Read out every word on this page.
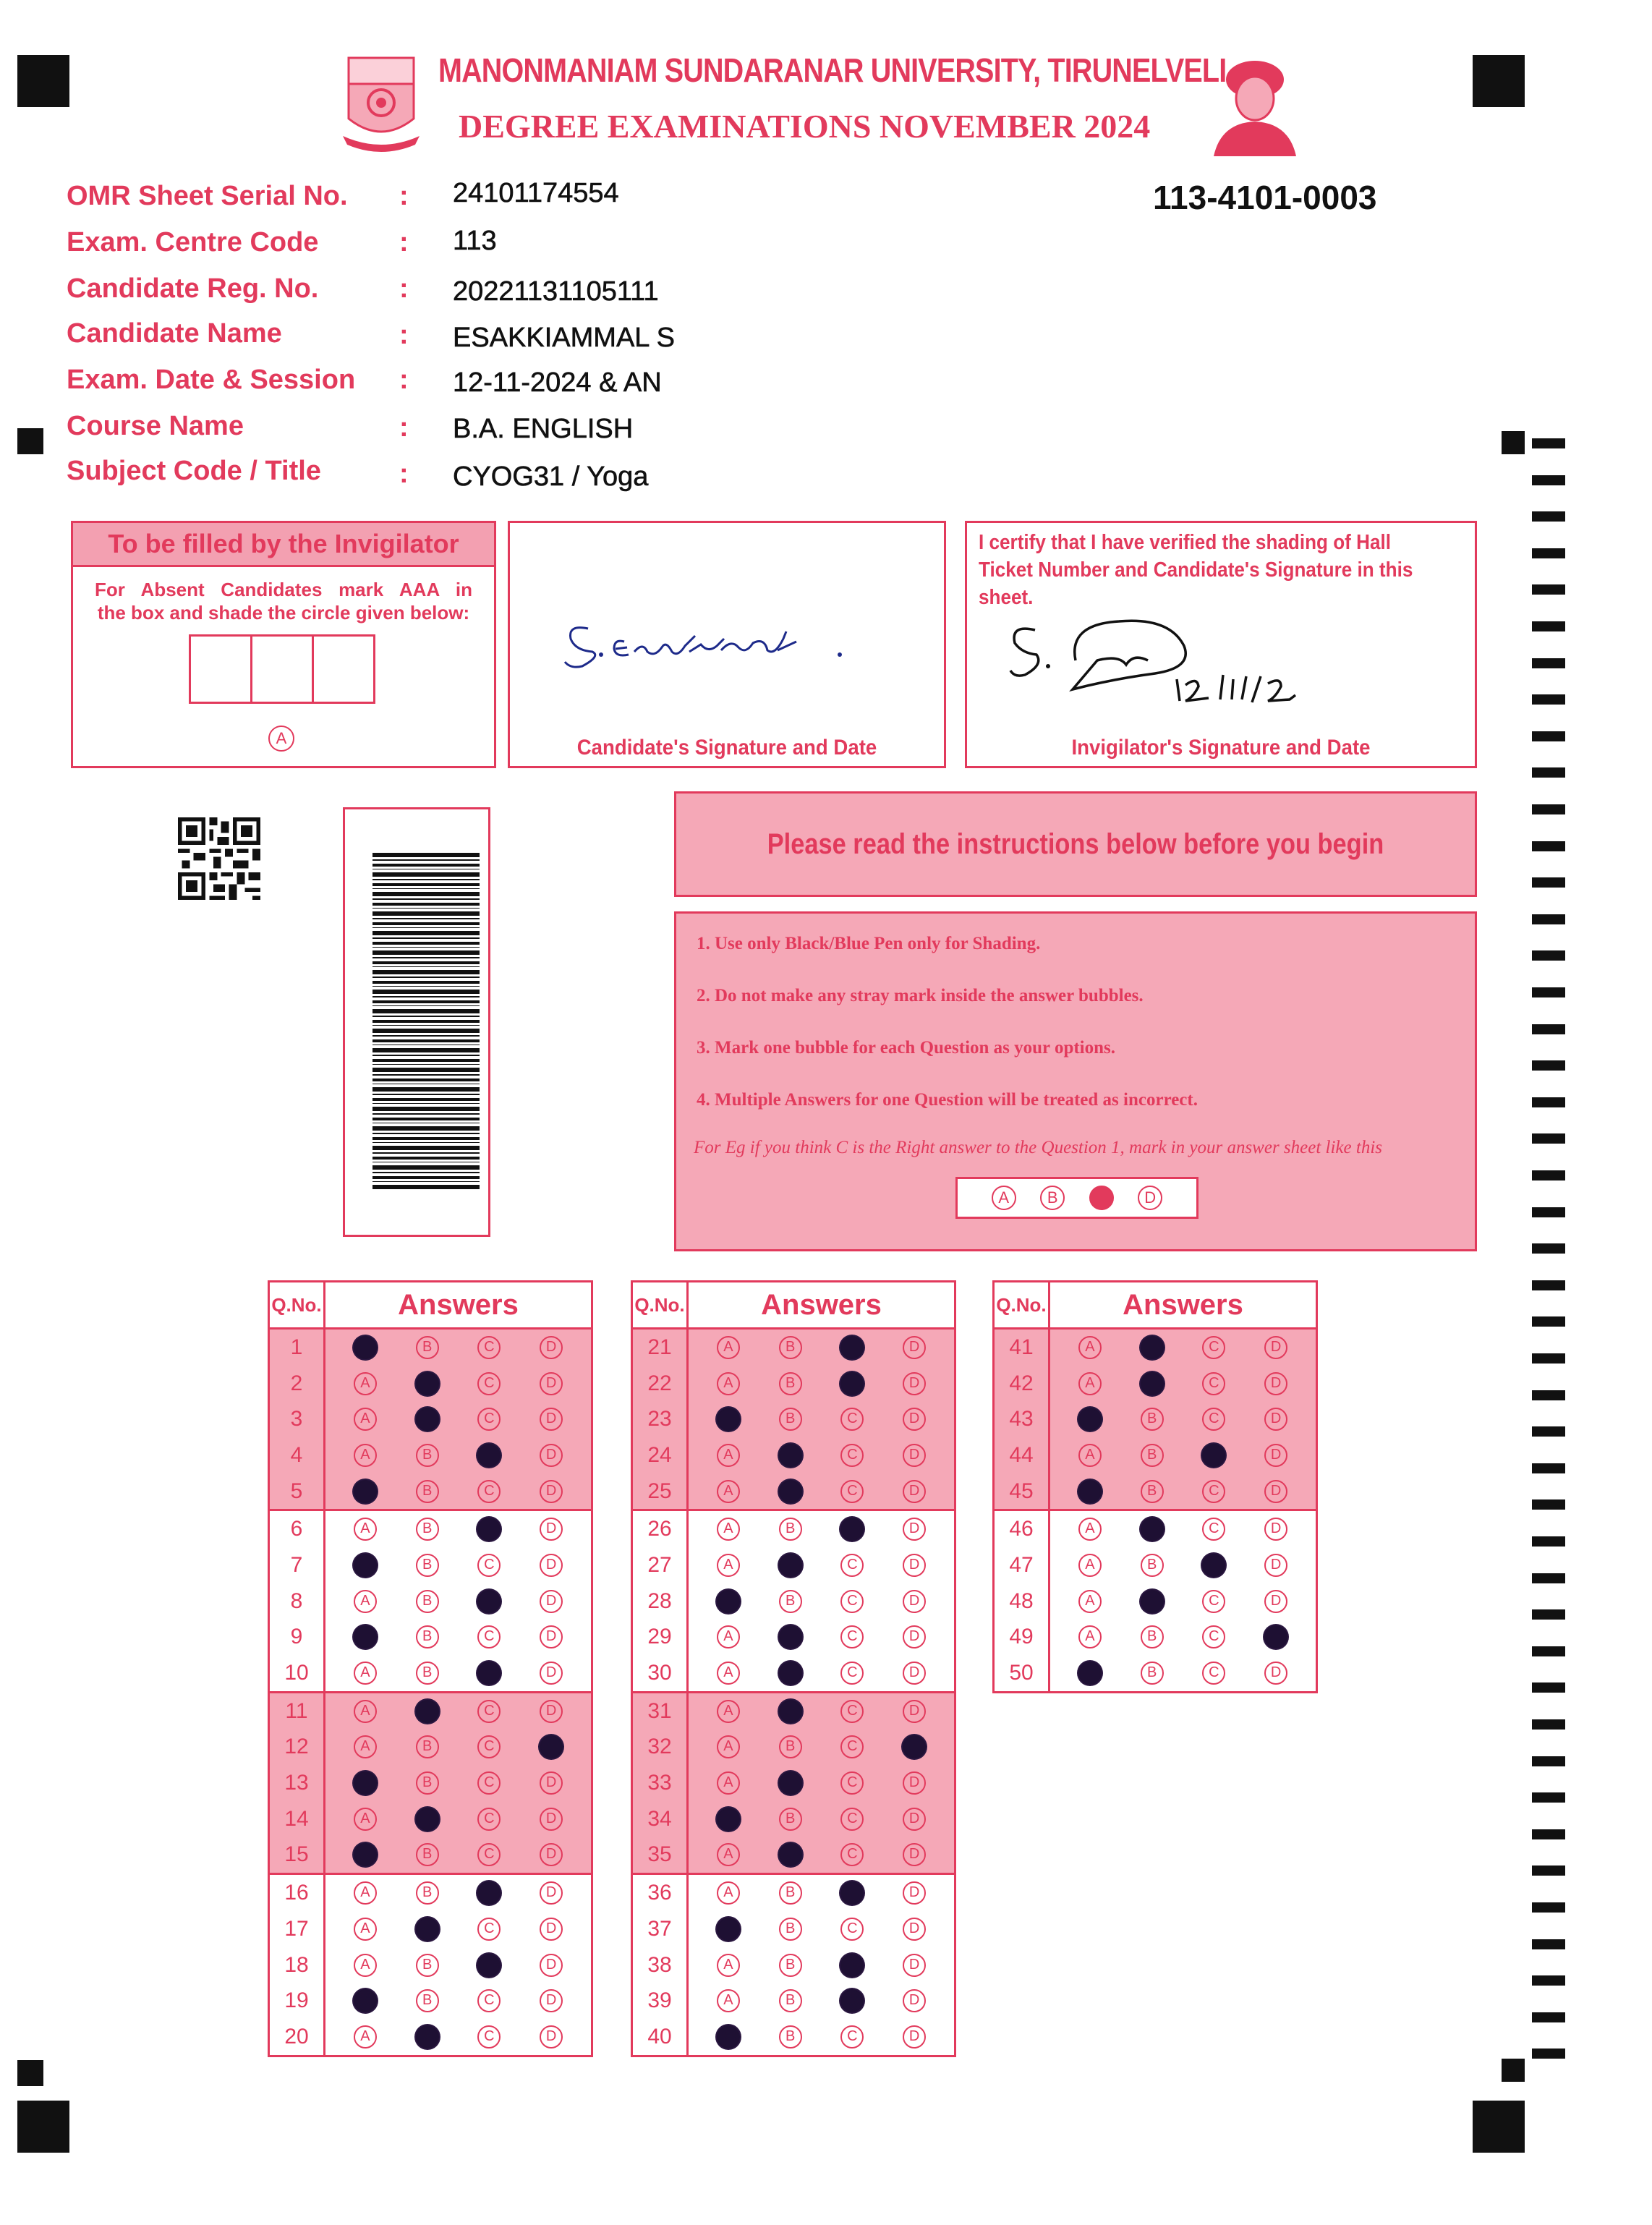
MANONMANIAM SUNDARANAR UNIVERSITY, TIRUNELVELI
DEGREE EXAMINATIONS NOVEMBER 2024
113-4101-0003
OMR Sheet Serial No. : 24101174554
Exam. Centre Code	: 113
Candidate Reg. No.	: 20221131105111
Candidate Name	: ESAKKIAMMAL S
Exam. Date & Session : 12-11-2024 & AN
Course Name	: B.A. ENGLISH
Subject Code / Title	: CYOG31 / Yoga
To be filled by the Invigilator
For Absent Candidates mark AAA in
the box and shade the circle given below:
A	Candidate's Signature and Date
I certify that I have verified the shading of Hall Ticket Number and Candidate's Signature in this sheet.
Invigilator's Signature and Date
Please read the instructions below before you begin
1. Use only Black/Blue Pen only for Shading.
2. Do not make any stray mark inside the answer bubbles.
3. Mark one bubble for each Question as your options.
4. Multiple Answers for one Question will be treated as incorrect.
For Eg if you think C is the Right answer to the Question 1, mark in your answer sheet like this
A	B	D
Q.No.	Answers
1	B C D

2	A C D

3	A C D

4	A B D

5	B C D

6	A B D

7	B C D

8	A B D

9	B C D

10	A B D

11	A C D

12	A B C

13	B C D

14	A C D

15	B C D

16	A B D

17	A C D

18	A B D

19	B C D

20	A C D
Q.No.	Answers
21	A B D

22	A B D

23	B C D

24	A C D

25	A C D

26	A B D

27	A C D

28	B C D

29	A C D

30	A C D

31	A C D

32	A B C

33	A C D

34	B C D

35	A C D

36	A B D

37	B C D

38	A B D

39	A B D

40	B C D
Q.No.	Answers
41	A C D

42	A C D

43	B C D

44	A B D

45	B C D

46	A C D

47	A B D

48	A C D

49	A B C

50	B C D
